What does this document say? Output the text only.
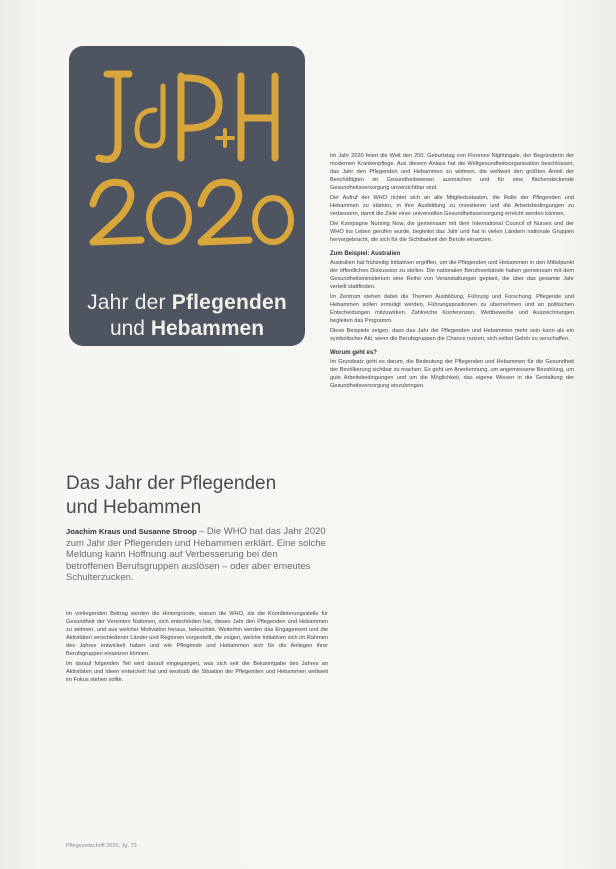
Jahr der Pflegenden
und Hebammen
Das Jahr der Pflegenden
und Hebammen
Joachim Kraus und Susanne Stroop – Die WHO hat das Jahr 2020 zum Jahr der Pflegenden und Hebammen erklärt. Eine solche Meldung kann Hoffnung auf Verbesserung bei den betroffenen Berufsgruppen auslösen – oder aber erneutes Schulterzucken.

Im vorliegenden Beitrag werden die Hintergründe, warum die WHO, als die Koordinierungsstelle für Gesundheit der Vereinten Nationen, sich entschieden hat, dieses Jahr den Pflegenden und Hebammen zu widmen, und aus welcher Motivation heraus, beleuchtet. Weiterhin werden das Engagement und die Aktivitäten verschiedener Länder und Regionen vorgestellt, die zeigen, welche Initiativen sich im Rahmen des Jahres entwickelt haben und wie Pflegende und Hebammen sich für die Anliegen ihrer Berufsgruppen einsetzen können.

Im darauf folgenden Teil wird darauf eingegangen, was sich seit der Bekanntgabe des Jahres an Aktivitäten und Ideen entwickelt hat und weshalb die Situation der Pflegenden und Hebammen weltweit im Fokus stehen sollte.

Im Jahr 2020 feiert die Welt den 200. Geburtstag von Florence Nightingale, der Begründerin der modernen Krankenpflege. Aus diesem Anlass hat die Weltgesundheitsorganisation beschlossen, das Jahr den Pflegenden und Hebammen zu widmen, die weltweit den größten Anteil der Beschäftigten im Gesundheitswesen ausmachen und für eine flächendeckende Gesundheitsversorgung unverzichtbar sind.

Der Aufruf der WHO richtet sich an alle Mitgliedsstaaten, die Rolle der Pflegenden und Hebammen zu stärken, in ihre Ausbildung zu investieren und die Arbeitsbedingungen zu verbessern, damit die Ziele einer universellen Gesundheitsversorgung erreicht werden können.

Die Kampagne Nursing Now, die gemeinsam mit dem International Council of Nurses und der WHO ins Leben gerufen wurde, begleitet das Jahr und hat in vielen Ländern nationale Gruppen hervorgebracht, die sich für die Sichtbarkeit der Berufe einsetzen.

Zum Beispiel: Australien

Australien hat frühzeitig Initiativen ergriffen, um die Pflegenden und Hebammen in den Mittelpunkt der öffentlichen Diskussion zu stellen. Die nationalen Berufsverbände haben gemeinsam mit dem Gesundheitsministerium eine Reihe von Veranstaltungen geplant, die über das gesamte Jahr verteilt stattfinden.

Im Zentrum stehen dabei die Themen Ausbildung, Führung und Forschung. Pflegende und Hebammen sollen ermutigt werden, Führungspositionen zu übernehmen und an politischen Entscheidungen mitzuwirken. Zahlreiche Konferenzen, Wettbewerbe und Auszeichnungen begleiten das Programm.

Diese Beispiele zeigen, dass das Jahr der Pflegenden und Hebammen mehr sein kann als ein symbolischer Akt, wenn die Berufsgruppen die Chance nutzen, sich selbst Gehör zu verschaffen.

Worum geht es?

Im Grundsatz geht es darum, die Bedeutung der Pflegenden und Hebammen für die Gesundheit der Bevölkerung sichtbar zu machen. Es geht um Anerkennung, um angemessene Bezahlung, um gute Arbeitsbedingungen und um die Möglichkeit, das eigene Wissen in die Gestaltung der Gesundheitsversorgung einzubringen.

Pflegezeitschrift 2020, Jg. 73
